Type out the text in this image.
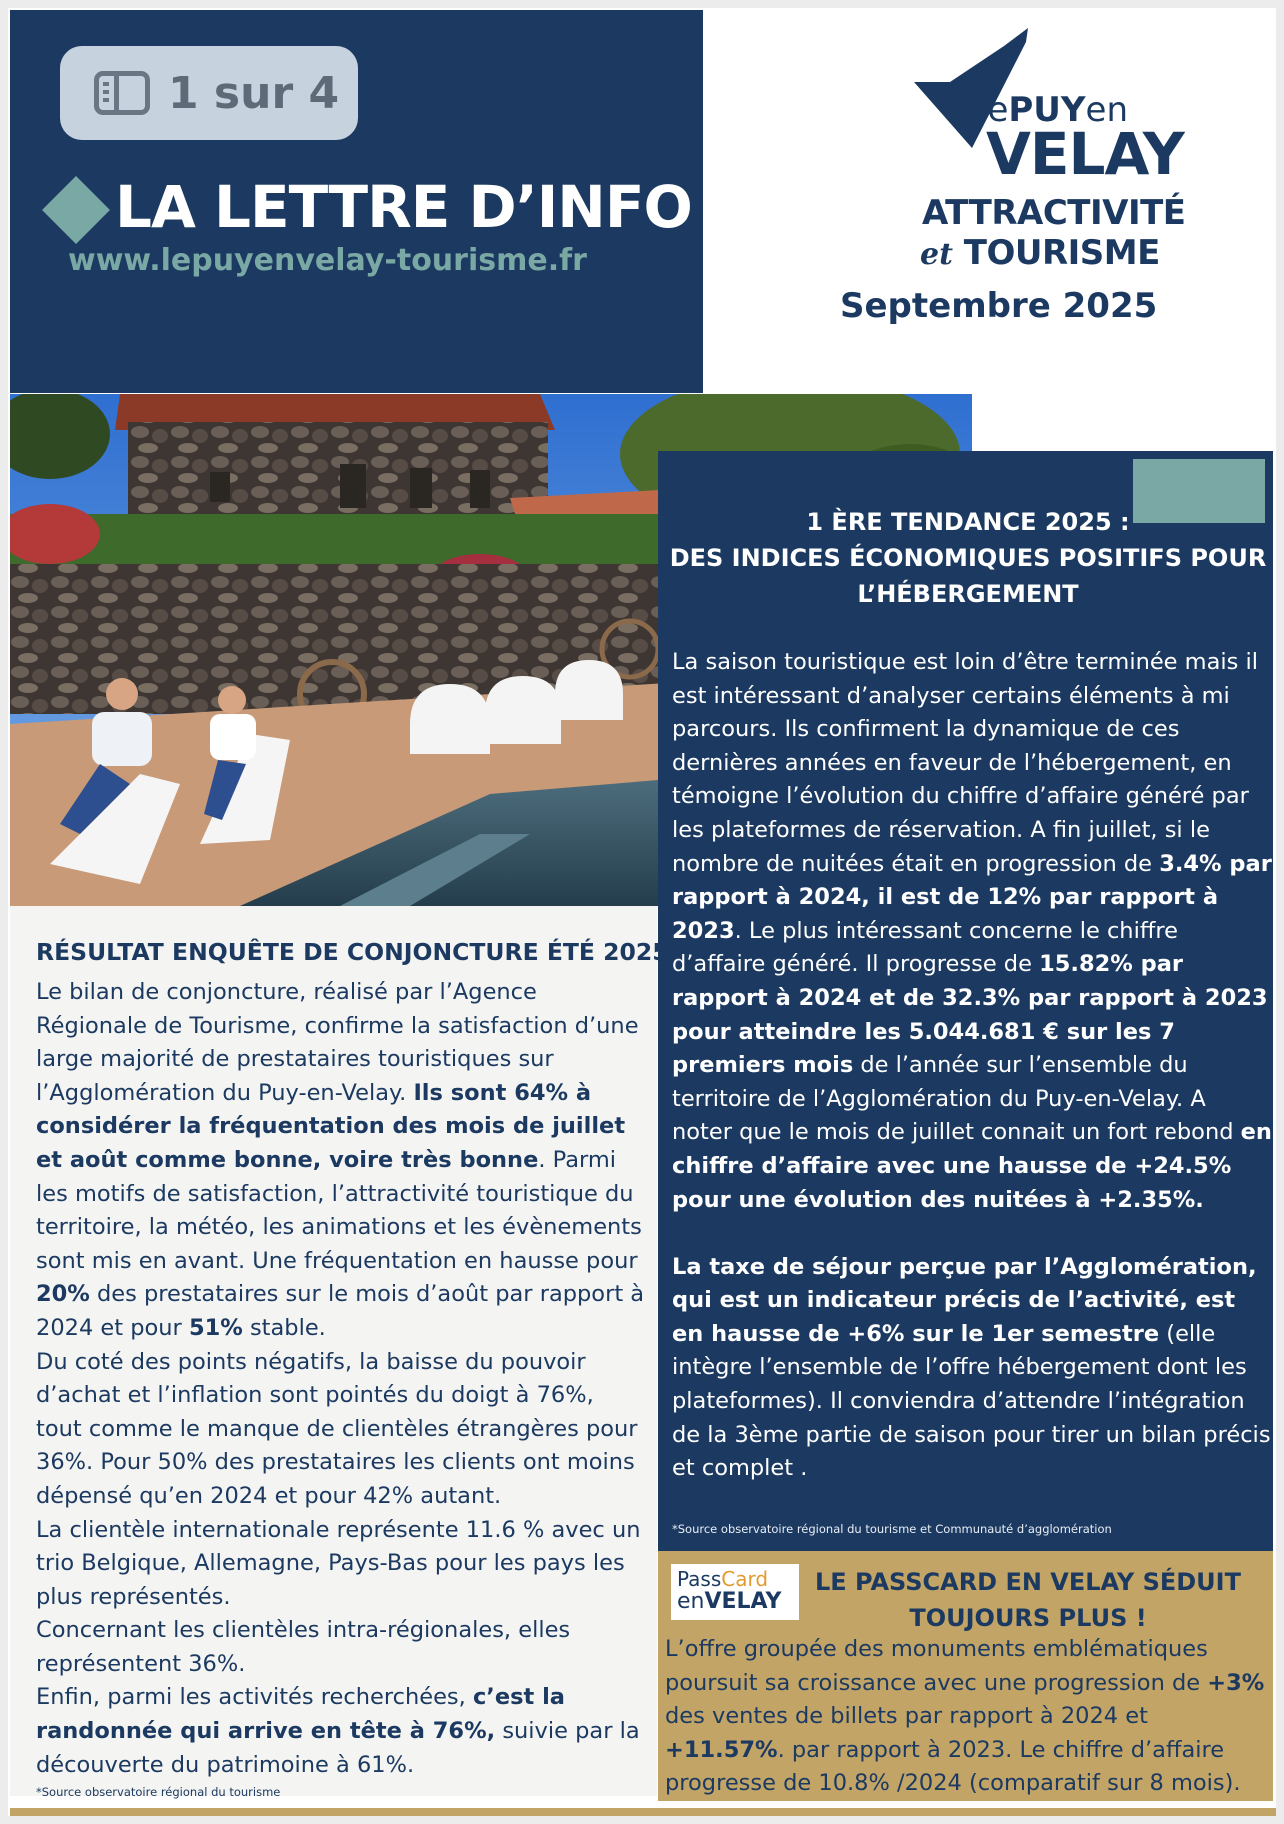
1 sur 4
LA LETTRE D’INFO
www.lepuyenvelay-tourisme.fr
lePUYen
VELAY
ATTRACTIVITÉ
et TOURISME
Septembre 2025
1 ÈRE TENDANCE 2025 :
DES INDICES ÉCONOMIQUES POSITIFS POUR L’HÉBERGEMENT

La saison touristique est loin d’être terminée mais il est intéressant d’analyser certains éléments à mi parcours. Ils confirment la dynamique de ces dernières années en faveur de l’hébergement, en témoigne l’évolution du chiffre d’affaire généré par les plateformes de réservation. A fin juillet, si le nombre de nuitées était en progression de 3.4% par rapport à 2024, il est de 12% par rapport à 2023. Le plus intéressant concerne le chiffre d’affaire généré. Il progresse de 15.82% par rapport à 2024 et de 32.3% par rapport à 2023 pour atteindre les 5.044.681 € sur les 7 premiers mois de l’année sur l’ensemble du territoire de l’Agglomération du Puy-en-Velay. A noter que le mois de juillet connait un fort rebond en chiffre d’affaire avec une hausse de +24.5% pour une évolution des nuitées à +2.35%.

La taxe de séjour perçue par l’Agglomération, qui est un indicateur précis de l’activité, est en hausse de +6% sur le 1er semestre (elle intègre l’ensemble de l’offre hébergement dont les plateformes). Il conviendra d’attendre l’intégration de la 3ème partie de saison pour tirer un bilan précis et complet .

*Source observatoire régional du tourisme et Communauté d’agglomération
RÉSULTAT ENQUÊTE DE CONJONCTURE ÉTÉ 2025

Le bilan de conjoncture, réalisé par l’Agence Régionale de Tourisme, confirme la satisfaction d’une large majorité de prestataires touristiques sur l’Agglomération du Puy-en-Velay. Ils sont 64% à considérer la fréquentation des mois de juillet et août comme bonne, voire très bonne. Parmi les motifs de satisfaction, l’attractivité touristique du territoire, la météo, les animations et les évènements sont mis en avant. Une fréquentation en hausse pour 20% des prestataires sur le mois d’août par rapport à 2024 et pour 51% stable.

Du coté des points négatifs, la baisse du pouvoir d’achat et l’inflation sont pointés du doigt à 76%, tout comme le manque de clientèles étrangères pour 36%. Pour 50% des prestataires les clients ont moins dépensé qu’en 2024 et pour 42% autant.

La clientèle internationale représente 11.6 % avec un trio Belgique, Allemagne, Pays-Bas pour les pays les plus représentés.

Concernant les clientèles intra-régionales, elles représentent 36%.

Enfin, parmi les activités recherchées, c’est la randonnée qui arrive en tête à 76%, suivie par la découverte du patrimoine à 61%.

*Source observatoire régional du tourisme
PassCard
enVELAY
LE PASSCARD EN VELAY SÉDUIT
TOUJOURS PLUS !
L’offre groupée des monuments emblématiques poursuit sa croissance avec une progression de +3% des ventes de billets par rapport à 2024 et +11.57%. par rapport à 2023. Le chiffre d’affaire progresse de 10.8% /2024 (comparatif sur 8 mois).
